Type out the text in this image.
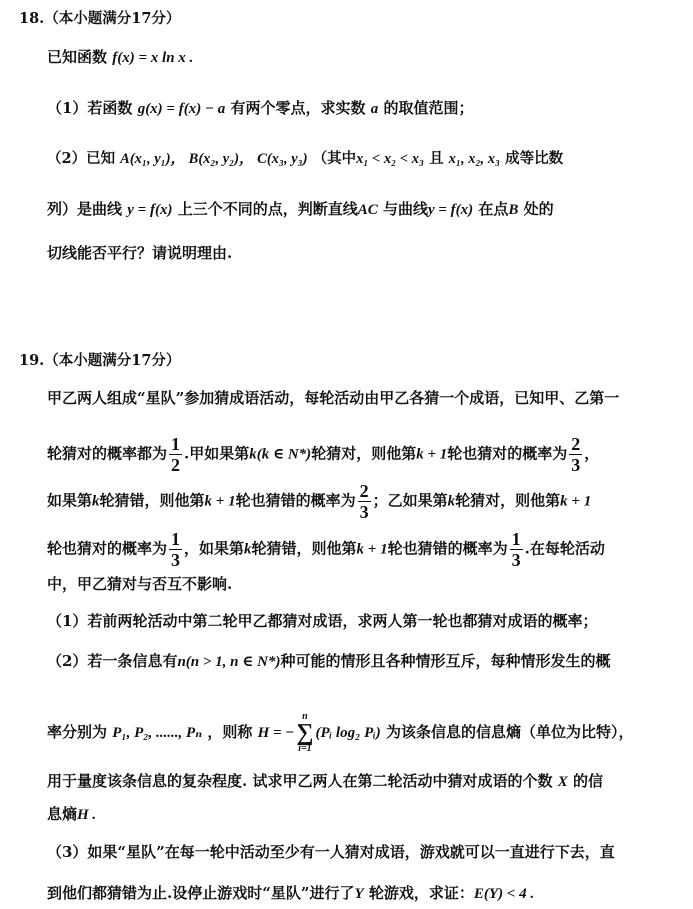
18.（本小题满分17分）
已知函数 f(x) = x ln x .
（1）若函数 g(x) = f(x) − a 有两个零点，求实数 a 的取值范围；
（2）已知 A(x₁, y₁)， B(x₂, y₂)， C(x₃, y₃) （其中x₁ < x₂ < x₃ 且 x₁, x₂, x₃ 成等比数
列）是曲线 y = f(x) 上三个不同的点，判断直线AC 与曲线y = f(x) 在点B 处的
切线能否平行？请说明理由.
19.（本小题满分17分）
甲乙两人组成“星队”参加猜成语活动，每轮活动由甲乙各猜一个成语，已知甲、乙第一
轮猜对的概率都为 $\frac{1}{2}$ .甲如果第k(k ∈ N*)轮猜对，则他第k + 1轮也猜对的概率为 $\frac{2}{3}$ ，
如果第k轮猜错，则他第k + 1轮也猜错的概率为 $\frac{2}{3}$ ；乙如果第k轮猜对，则他第k + 1
轮也猜对的概率为 $\frac{1}{3}$ ，如果第k轮猜错，则他第k + 1轮也猜错的概率为 $\frac{1}{3}$ .在每轮活动
中，甲乙猜对与否互不影响.
（1）若前两轮活动中第二轮甲乙都猜对成语，求两人第一轮也都猜对成语的概率；
（2）若一条信息有n(n > 1, n ∈ N*)种可能的情形且各种情形互斥，每种情形发生的概
率分别为 P₁, P₂, ......, Pₙ ，则称 H = −
n
∑
i=1
(Pᵢ log₂ Pᵢ) 为该条信息的信息熵（单位为比特），
用于量度该条信息的复杂程度. 试求甲乙两人在第二轮活动中猜对成语的个数 X 的信
息熵H .
（3）如果“星队”在每一轮中活动至少有一人猜对成语，游戏就可以一直进行下去，直
到他们都猜错为止.设停止游戏时“星队”进行了Y 轮游戏，求证：E(Y) < 4 .
